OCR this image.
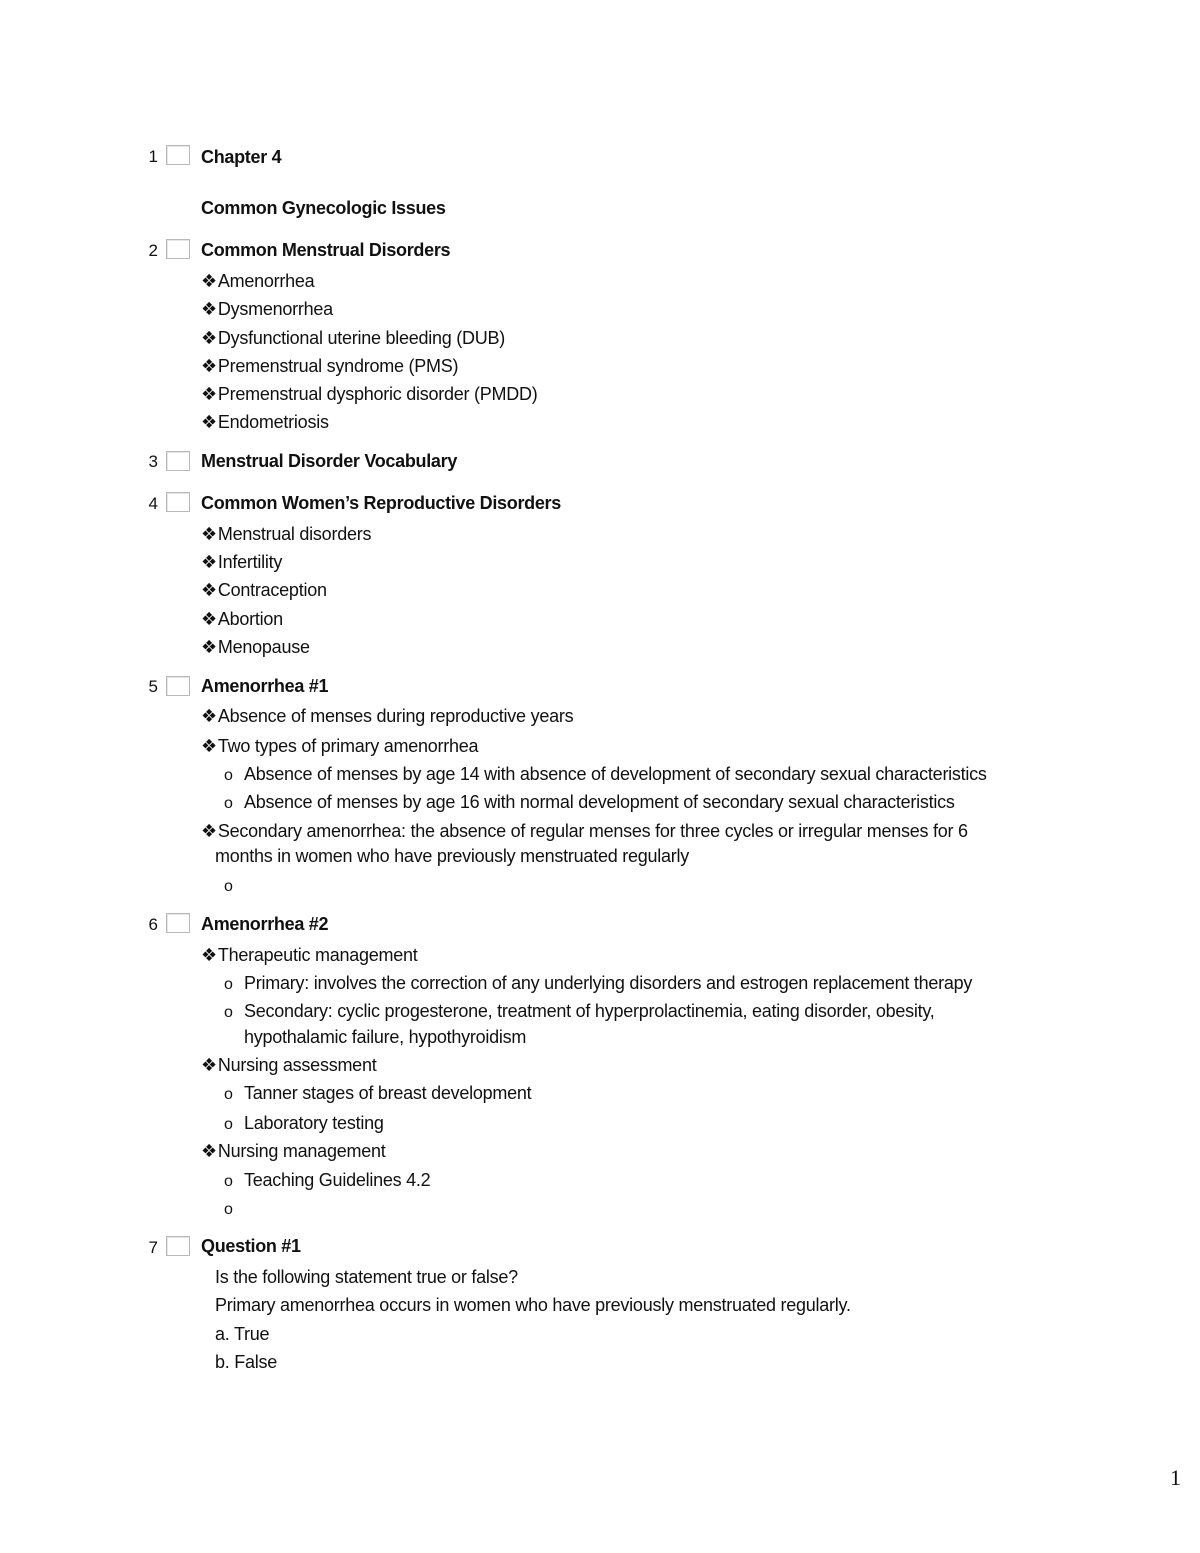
1 Chapter 4
Common Gynecologic Issues
2 Common Menstrual Disorders
❖Amenorrhea
❖Dysmenorrhea
❖Dysfunctional uterine bleeding (DUB)
❖Premenstrual syndrome (PMS)
❖Premenstrual dysphoric disorder (PMDD)
❖Endometriosis
3 Menstrual Disorder Vocabulary
4 Common Women’s Reproductive Disorders
❖Menstrual disorders
❖Infertility
❖Contraception
❖Abortion
❖Menopause
5 Amenorrhea #1
❖Absence of menses during reproductive years
❖Two types of primary amenorrhea
o Absence of menses by age 14 with absence of development of secondary sexual characteristics
o Absence of menses by age 16 with normal development of secondary sexual characteristics
❖Secondary amenorrhea: the absence of regular menses for three cycles or irregular menses for 6
months in women who have previously menstruated regularly
o
6 Amenorrhea #2
❖Therapeutic management
o Primary: involves the correction of any underlying disorders and estrogen replacement therapy
o Secondary: cyclic progesterone, treatment of hyperprolactinemia, eating disorder, obesity,
hypothalamic failure, hypothyroidism
❖Nursing assessment
o Tanner stages of breast development
o Laboratory testing
❖Nursing management
o Teaching Guidelines 4.2
o
7 Question #1
Is the following statement true or false?
Primary amenorrhea occurs in women who have previously menstruated regularly.
a. True
b. False
1
